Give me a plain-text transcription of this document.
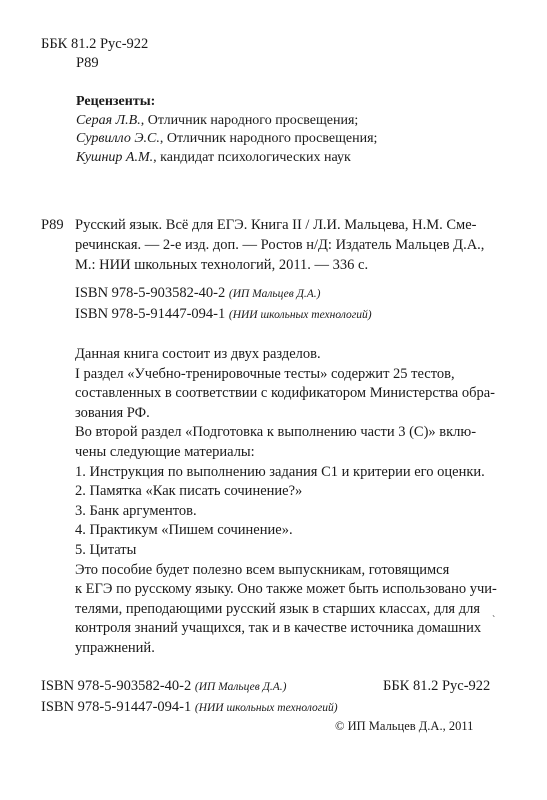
ББК 81.2 Рус-922
Р89
Рецензенты:
Серая Л.В., Отличник народного просвещения;
Сурвилло Э.С., Отличник народного просвещения;
Кушнир А.М., кандидат психологических наук
Р89 Русский язык. Всё для ЕГЭ. Книга II / Л.И. Мальцева, Н.М. Сме-
речинская. — 2-е изд. доп. — Ростов н/Д: Издатель Мальцев Д.А.,
М.: НИИ школьных технологий, 2011. — 336 с.
ISBN 978-5-903582-40-2 (ИП Мальцев Д.А.)
ISBN 978-5-91447-094-1 (НИИ школьных технологий)
Данная книга состоит из двух разделов.
I раздел «Учебно-тренировочные тесты» содержит 25 тестов,
составленных в соответствии с кодификатором Министерства обра-
зования РФ.
Во второй раздел «Подготовка к выполнению части 3 (С)» вклю-
чены следующие материалы:
1. Инструкция по выполнению задания С1 и критерии его оценки.
2. Памятка «Как писать сочинение?»
3. Банк аргументов.
4. Практикум «Пишем сочинение».
5. Цитаты
Это пособие будет полезно всем выпускникам, готовящимся
к ЕГЭ по русскому языку. Оно также может быть использовано учи-
телями, преподающими русский язык в старших классах, для для
контроля знаний учащихся, так и в качестве источника домашних
упражнений.
`
ISBN 978-5-903582-40-2 (ИП Мальцев Д.А.)
ISBN 978-5-91447-094-1 (НИИ школьных технологий)
ББК 81.2 Рус-922
© ИП Мальцев Д.А., 2011
